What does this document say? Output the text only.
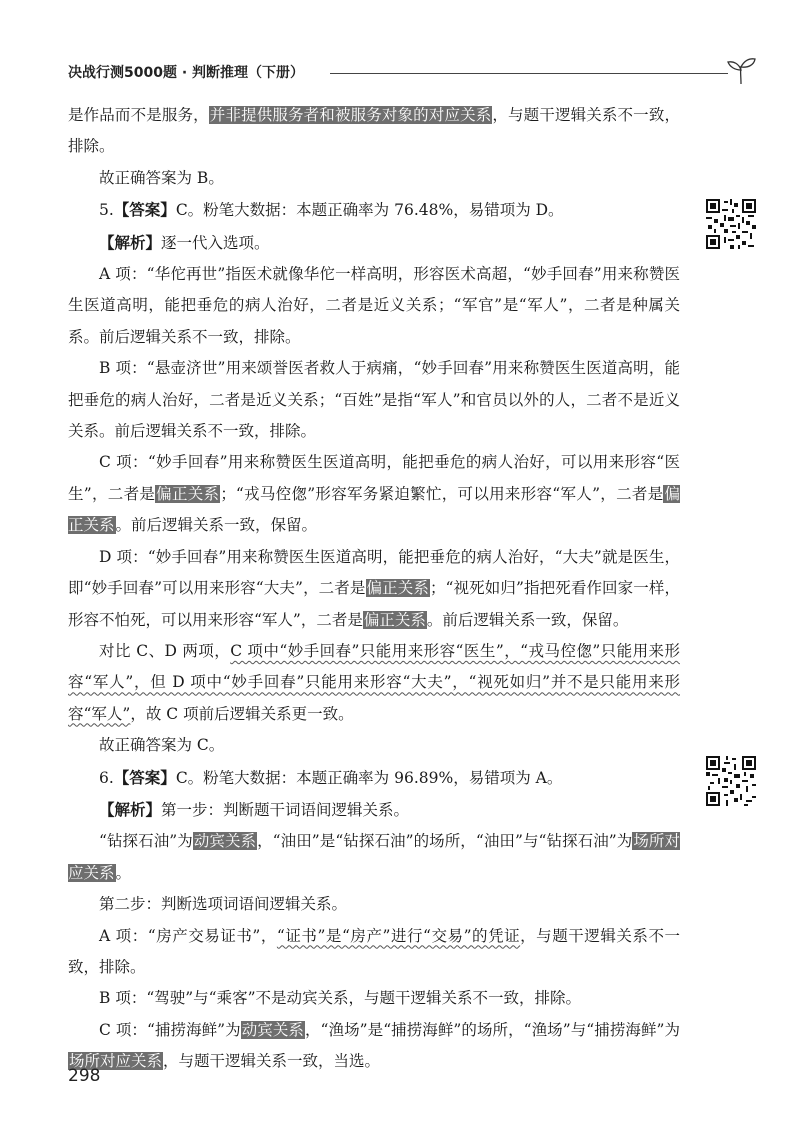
决战行测5000题 · 判断推理（下册）

是作品而不是服务，并非提供服务者和被服务对象的对应关系，与题干逻辑关系不一致，排除。

故正确答案为 B。

5.【答案】C。粉笔大数据：本题正确率为 76.48%，易错项为 D。

【解析】逐一代入选项。

A 项：“华佗再世”指医术就像华佗一样高明，形容医术高超，“妙手回春”用来称赞医生医道高明，能把垂危的病人治好，二者是近义关系；“军官”是“军人”，二者是种属关系。前后逻辑关系不一致，排除。

B 项：“悬壶济世”用来颂誉医者救人于病痛，“妙手回春”用来称赞医生医道高明，能把垂危的病人治好，二者是近义关系；“百姓”是指“军人”和官员以外的人，二者不是近义关系。前后逻辑关系不一致，排除。

C 项：“妙手回春”用来称赞医生医道高明，能把垂危的病人治好，可以用来形容“医生”，二者是偏正关系；“戎马倥偬”形容军务紧迫繁忙，可以用来形容“军人”，二者是偏正关系。前后逻辑关系一致，保留。

D 项：“妙手回春”用来称赞医生医道高明，能把垂危的病人治好，“大夫”就是医生，即“妙手回春”可以用来形容“大夫”，二者是偏正关系；“视死如归”指把死看作回家一样，形容不怕死，可以用来形容“军人”，二者是偏正关系。前后逻辑关系一致，保留。

对比 C、D 两项，C 项中“妙手回春”只能用来形容“医生”，“戎马倥偬”只能用来形容“军人”，但 D 项中“妙手回春”只能用来形容“大夫”，“视死如归”并不是只能用来形容“军人”，故 C 项前后逻辑关系更一致。

故正确答案为 C。

6.【答案】C。粉笔大数据：本题正确率为 96.89%，易错项为 A。

【解析】第一步：判断题干词语间逻辑关系。

“钻探石油”为动宾关系，“油田”是“钻探石油”的场所，“油田”与“钻探石油”为场所对应关系。

第二步：判断选项词语间逻辑关系。

A 项：“房产交易证书”，“证书”是“房产”进行“交易”的凭证，与题干逻辑关系不一致，排除。

B 项：“驾驶”与“乘客”不是动宾关系，与题干逻辑关系不一致，排除。

C 项：“捕捞海鲜”为动宾关系，“渔场”是“捕捞海鲜”的场所，“渔场”与“捕捞海鲜”为场所对应关系，与题干逻辑关系一致，当选。

298
